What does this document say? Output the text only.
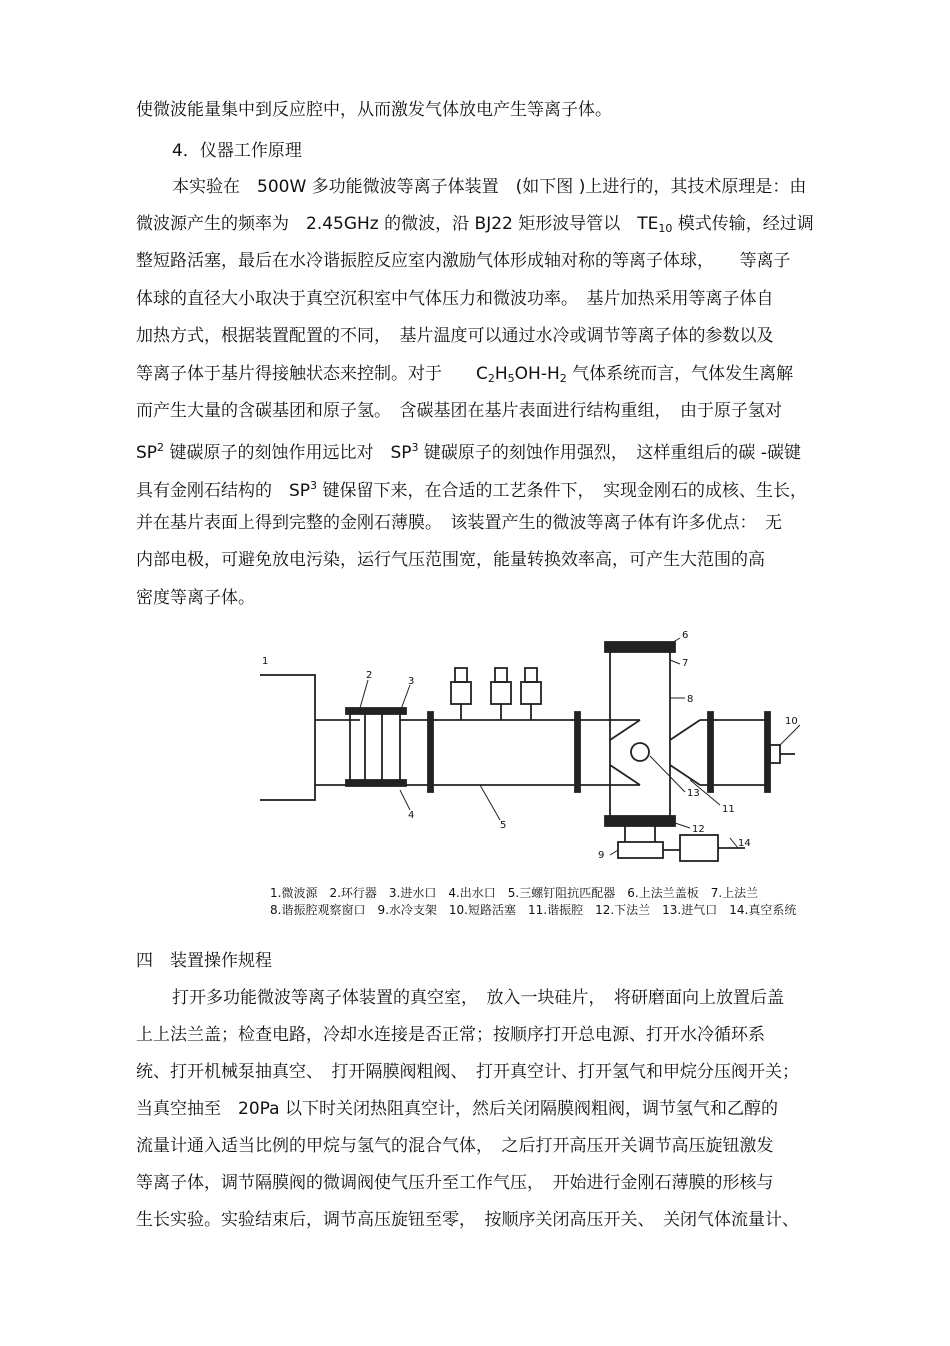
使微波能量集中到反应腔中，从而激发气体放电产生等离子体。
4．仪器工作原理
本实验在　500W 多功能微波等离子体装置　(如下图 )上进行的，其技术原理是：由
微波源产生的频率为　2.45GHz 的微波，沿 BJ22 矩形波导管以　$TE_{10}$ 模式传输，经过调
整短路活塞，最后在水冷谐振腔反应室内激励气体形成轴对称的等离子体球，　　等离子
体球的直径大小取决于真空沉积室中气体压力和微波功率。　基片加热采用等离子体自
加热方式，根据装置配置的不同，　基片温度可以通过水冷或调节等离子体的参数以及
等离子体于基片得接触状态来控制。对于　　$C_2H_5OH-H_2$ 气体系统而言，气体发生离解
而产生大量的含碳基团和原子氢。　含碳基团在基片表面进行结构重组，　由于原子氢对
$SP^2$ 键碳原子的刻蚀作用远比对　$SP^3$ 键碳原子的刻蚀作用强烈，　这样重组后的碳 -碳键
具有金刚石结构的　$SP^3$ 键保留下来，在合适的工艺条件下，　实现金刚石的成核、生长，
并在基片表面上得到完整的金刚石薄膜。　该装置产生的微波等离子体有许多优点：　无
内部电极，可避免放电污染，运行气压范围宽，能量转换效率高，可产生大范围的高
密度等离子体。
1
2
3
4
5
6
7
8
9
10
11
12
13
14
1.微波源　2.环行器　3.进水口　4.出水口　5.三螺钉阻抗匹配器　6.上法兰盖板　7.上法兰
8.谐振腔观察窗口　9.水冷支架　10.短路活塞　11.谐振腔　12.下法兰　13.进气口　14.真空系统
四　装置操作规程
打开多功能微波等离子体装置的真空室，　放入一块硅片，　将研磨面向上放置后盖
上上法兰盖；检查电路，冷却水连接是否正常；按顺序打开总电源、打开水冷循环系
统、打开机械泵抽真空、　打开隔膜阀粗阀、　打开真空计、打开氢气和甲烷分压阀开关；
当真空抽至　20Pa 以下时关闭热阻真空计，然后关闭隔膜阀粗阀，调节氢气和乙醇的
流量计通入适当比例的甲烷与氢气的混合气体，　之后打开高压开关调节高压旋钮激发
等离子体，调节隔膜阀的微调阀使气压升至工作气压，　开始进行金刚石薄膜的形核与
生长实验。实验结束后，调节高压旋钮至零，　按顺序关闭高压开关、　关闭气体流量计、
